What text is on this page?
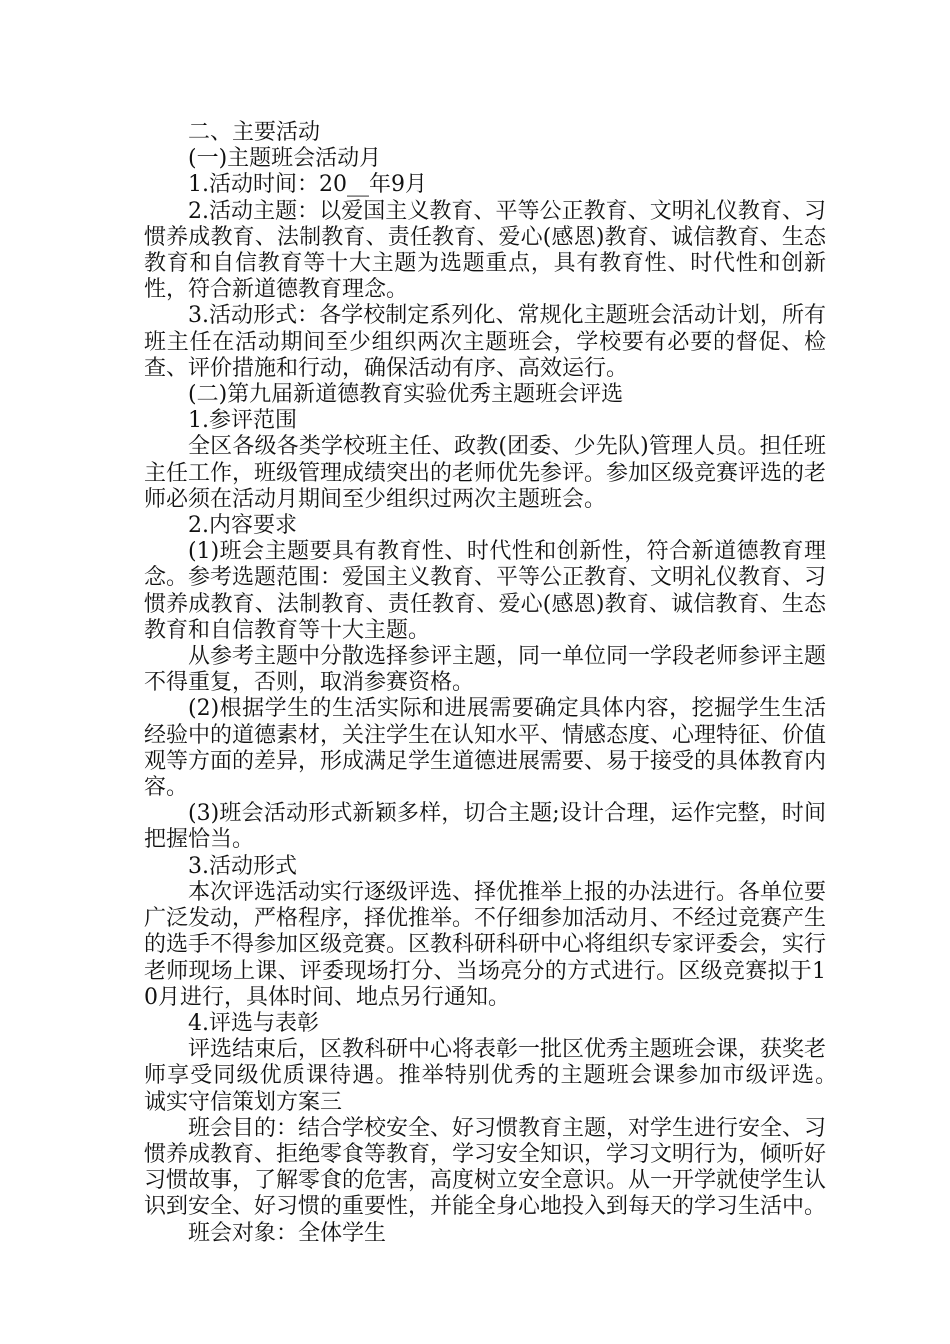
二、主要活动

(一)主题班会活动月

1.活动时间：20__年9月

2.活动主题：以爱国主义教育、平等公正教育、文明礼仪教育、习惯养成教育、法制教育、责任教育、爱心(感恩)教育、诚信教育、生态教育和自信教育等十大主题为选题重点，具有教育性、时代性和创新性，符合新道德教育理念。

3.活动形式：各学校制定系列化、常规化主题班会活动计划，所有班主任在活动期间至少组织两次主题班会，学校要有必要的督促、检查、评价措施和行动，确保活动有序、高效运行。

(二)第九届新道德教育实验优秀主题班会评选

1.参评范围

全区各级各类学校班主任、政教(团委、少先队)管理人员。担任班主任工作，班级管理成绩突出的老师优先参评。参加区级竞赛评选的老师必须在活动月期间至少组织过两次主题班会。

2.内容要求

(1)班会主题要具有教育性、时代性和创新性，符合新道德教育理念。参考选题范围：爱国主义教育、平等公正教育、文明礼仪教育、习惯养成教育、法制教育、责任教育、爱心(感恩)教育、诚信教育、生态教育和自信教育等十大主题。

从参考主题中分散选择参评主题，同一单位同一学段老师参评主题不得重复，否则，取消参赛资格。

(2)根据学生的生活实际和进展需要确定具体内容，挖掘学生生活经验中的道德素材，关注学生在认知水平、情感态度、心理特征、价值观等方面的差异，形成满足学生道德进展需要、易于接受的具体教育内容。

(3)班会活动形式新颖多样，切合主题;设计合理，运作完整，时间把握恰当。

3.活动形式

本次评选活动实行逐级评选、择优推举上报的办法进行。各单位要广泛发动，严格程序，择优推举。不仔细参加活动月、不经过竞赛产生的选手不得参加区级竞赛。区教科研科研中心将组织专家评委会，实行老师现场上课、评委现场打分、当场亮分的方式进行。区级竞赛拟于10月进行，具体时间、地点另行通知。

4.评选与表彰

评选结束后，区教科研中心将表彰一批区优秀主题班会课，获奖老师享受同级优质课待遇。推举特别优秀的主题班会课参加市级评选。　　诚实守信策划方案三

班会目的：结合学校安全、好习惯教育主题，对学生进行安全、习惯养成教育、拒绝零食等教育，学习安全知识，学习文明行为，倾听好习惯故事，了解零食的危害，高度树立安全意识。从一开学就使学生认识到安全、好习惯的重要性，并能全身心地投入到每天的学习生活中。

班会对象：全体学生
